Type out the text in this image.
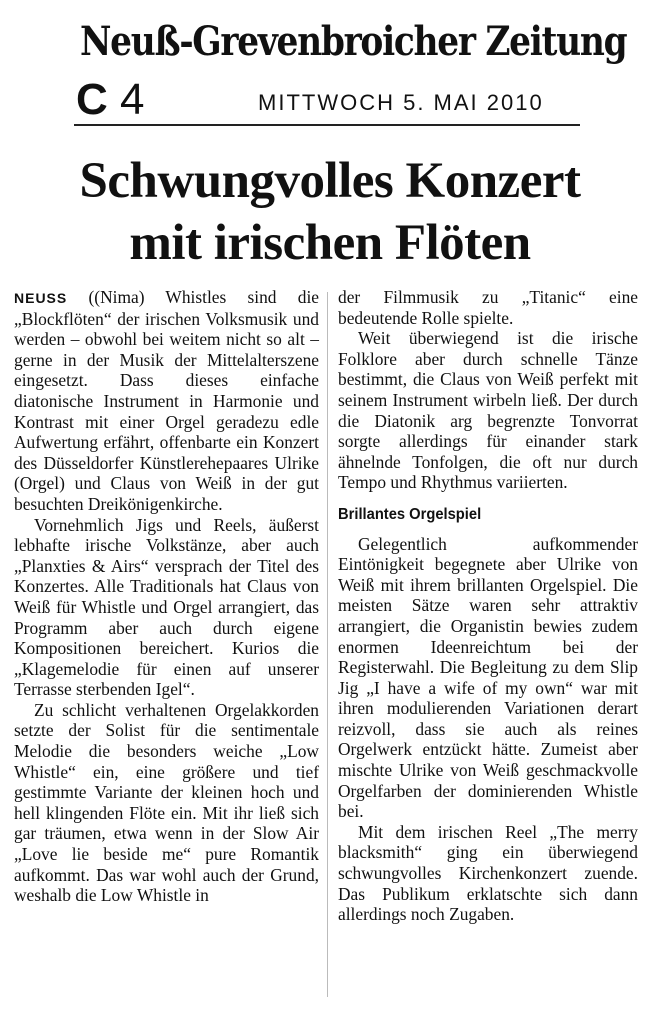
Neuß-Grevenbroicher Zeitung
C 4	MITTWOCH 5. MAI 2010
Schwungvolles Konzert
mit irischen Flöten

NEUSS ((Nima) Whistles sind die „Blockflöten“ der irischen Volksmusik und werden – obwohl bei weitem nicht so alt – gerne in der Musik der Mittelalterszene eingesetzt. Dass dieses einfache diatonische Instrument in Harmonie und Kontrast mit einer Orgel geradezu edle Aufwertung erfährt, offenbarte ein Konzert des Düsseldorfer Künstlerehepaares Ulrike (Orgel) und Claus von Weiß in der gut besuchten Dreikönigenkirche.

Vornehmlich Jigs und Reels, äußerst lebhafte irische Volkstänze, aber auch „Planxties & Airs“ versprach der Titel des Konzertes. Alle Traditionals hat Claus von Weiß für Whistle und Orgel arrangiert, das Programm aber auch durch eigene Kompositionen bereichert. Kurios die „Klagemelodie für einen auf unserer Terrasse sterbenden Igel“.

Zu schlicht verhaltenen Orgelakkorden setzte der Solist für die sentimentale Melodie die besonders weiche „Low Whistle“ ein, eine größere und tief gestimmte Variante der kleinen hoch und hell klingenden Flöte ein. Mit ihr ließ sich gar träumen, etwa wenn in der Slow Air „Love lie beside me“ pure Romantik aufkommt. Das war wohl auch der Grund, weshalb die Low Whistle in

der Filmmusik zu „Titanic“ eine bedeutende Rolle spielte.

Weit überwiegend ist die irische Folklore aber durch schnelle Tänze bestimmt, die Claus von Weiß perfekt mit seinem Instrument wirbeln ließ. Der durch die Diatonik arg begrenzte Tonvorrat sorgte allerdings für einander stark ähnelnde Tonfolgen, die oft nur durch Tempo und Rhythmus variierten.

Brillantes Orgelspiel

Gelegentlich aufkommender Eintönigkeit begegnete aber Ulrike von Weiß mit ihrem brillanten Orgelspiel. Die meisten Sätze waren sehr attraktiv arrangiert, die Organistin bewies zudem enormen Ideenreichtum bei der Registerwahl. Die Begleitung zu dem Slip Jig „I have a wife of my own“ war mit ihren modulierenden Variationen derart reizvoll, dass sie auch als reines Orgelwerk entzückt hätte. Zumeist aber mischte Ulrike von Weiß geschmackvolle Orgelfarben der dominierenden Whistle bei.

Mit dem irischen Reel „The merry blacksmith“ ging ein überwiegend schwungvolles Kirchenkonzert zuende. Das Publikum erklatschte sich dann allerdings noch Zugaben.
